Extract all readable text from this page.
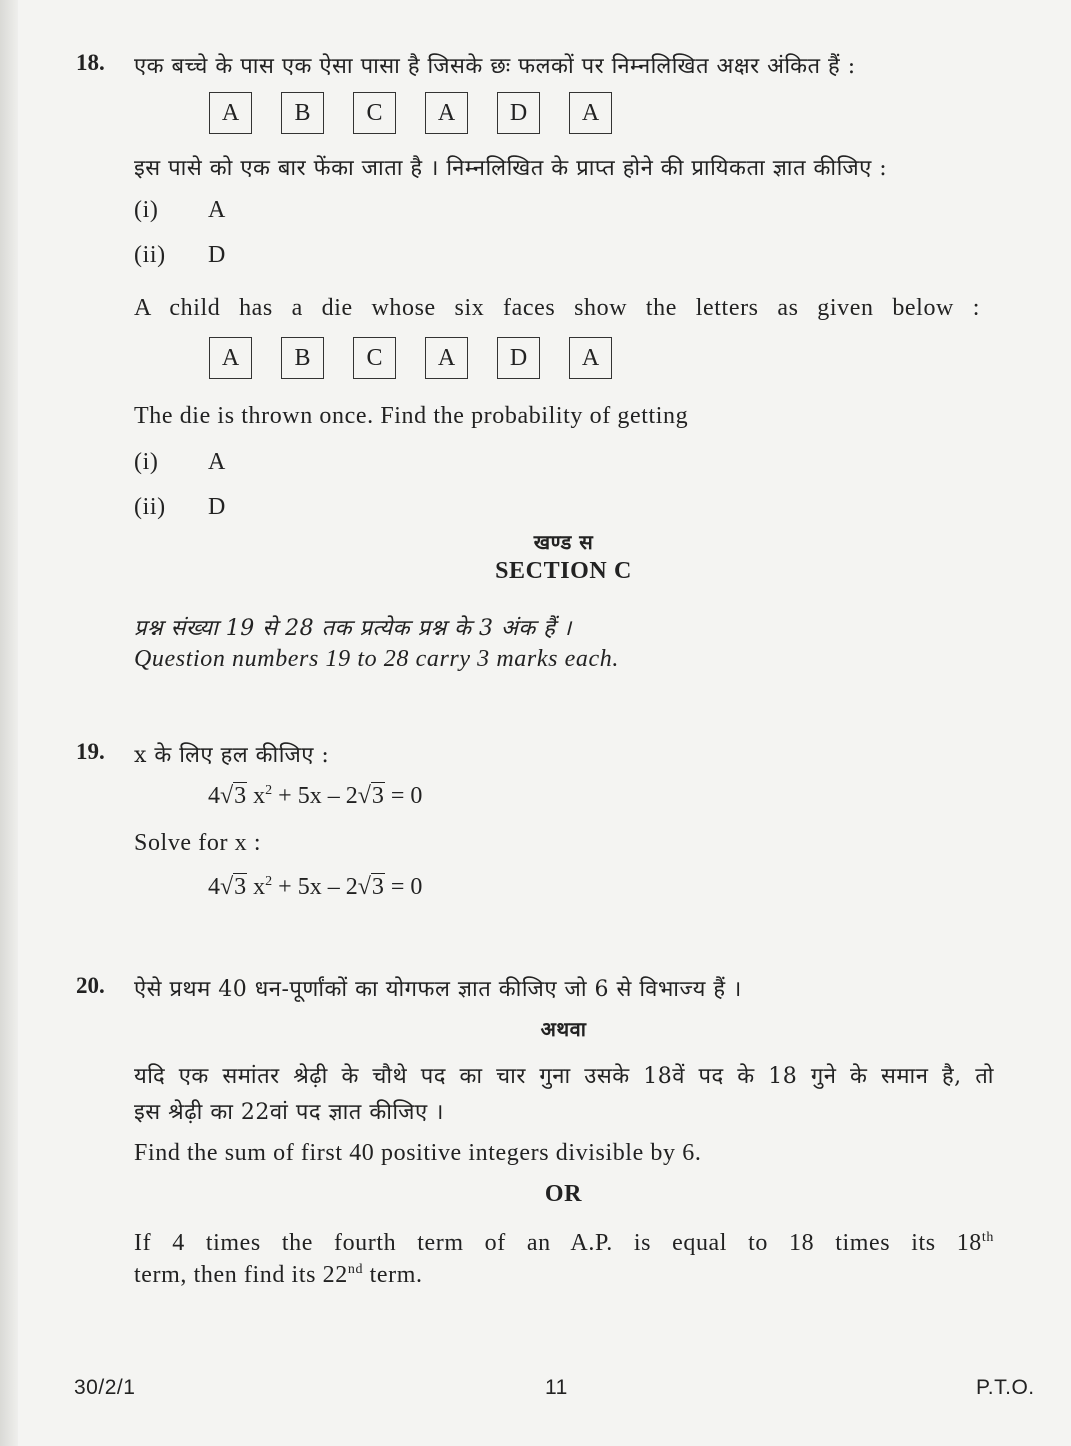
18. एक बच्चे के पास एक ऐसा पासा है जिसके छः फलकों पर निम्नलिखित अक्षर अंकित हैं :
A	B	C	A	D	A
इस पासे को एक बार फेंका जाता है । निम्नलिखित के प्राप्त होने की प्रायिकता ज्ञात कीजिए :
(i) A
(ii) D
A child has a die whose six faces show the letters as given below :
A	B	C	A	D	A
The die is thrown once. Find the probability of getting
(i) A
(ii) D
खण्ड स
SECTION C
प्रश्न संख्या 19 से 28 तक प्रत्येक प्रश्न के 3 अंक हैं ।
Question numbers 19 to 28 carry 3 marks each.
19. x के लिए हल कीजिए :
4√3 $x^2 + 5x - 2√3 = 0$
Solve for x :
4√3 $x^2 + 5x - 2√3 = 0$
20. ऐसे प्रथम 40 धन-पूर्णांकों का योगफल ज्ञात कीजिए जो 6 से विभाज्य हैं ।
अथवा
यदि एक समांतर श्रेढ़ी के चौथे पद का चार गुना उसके 18वें पद के 18 गुने के समान है, तो
इस श्रेढ़ी का 22वां पद ज्ञात कीजिए ।
Find the sum of first 40 positive integers divisible by 6.
OR
If 4 times the fourth term of an A.P. is equal to 18 times its 18th
term, then find its 22nd term.
30/2/1	11	P.T.O.
